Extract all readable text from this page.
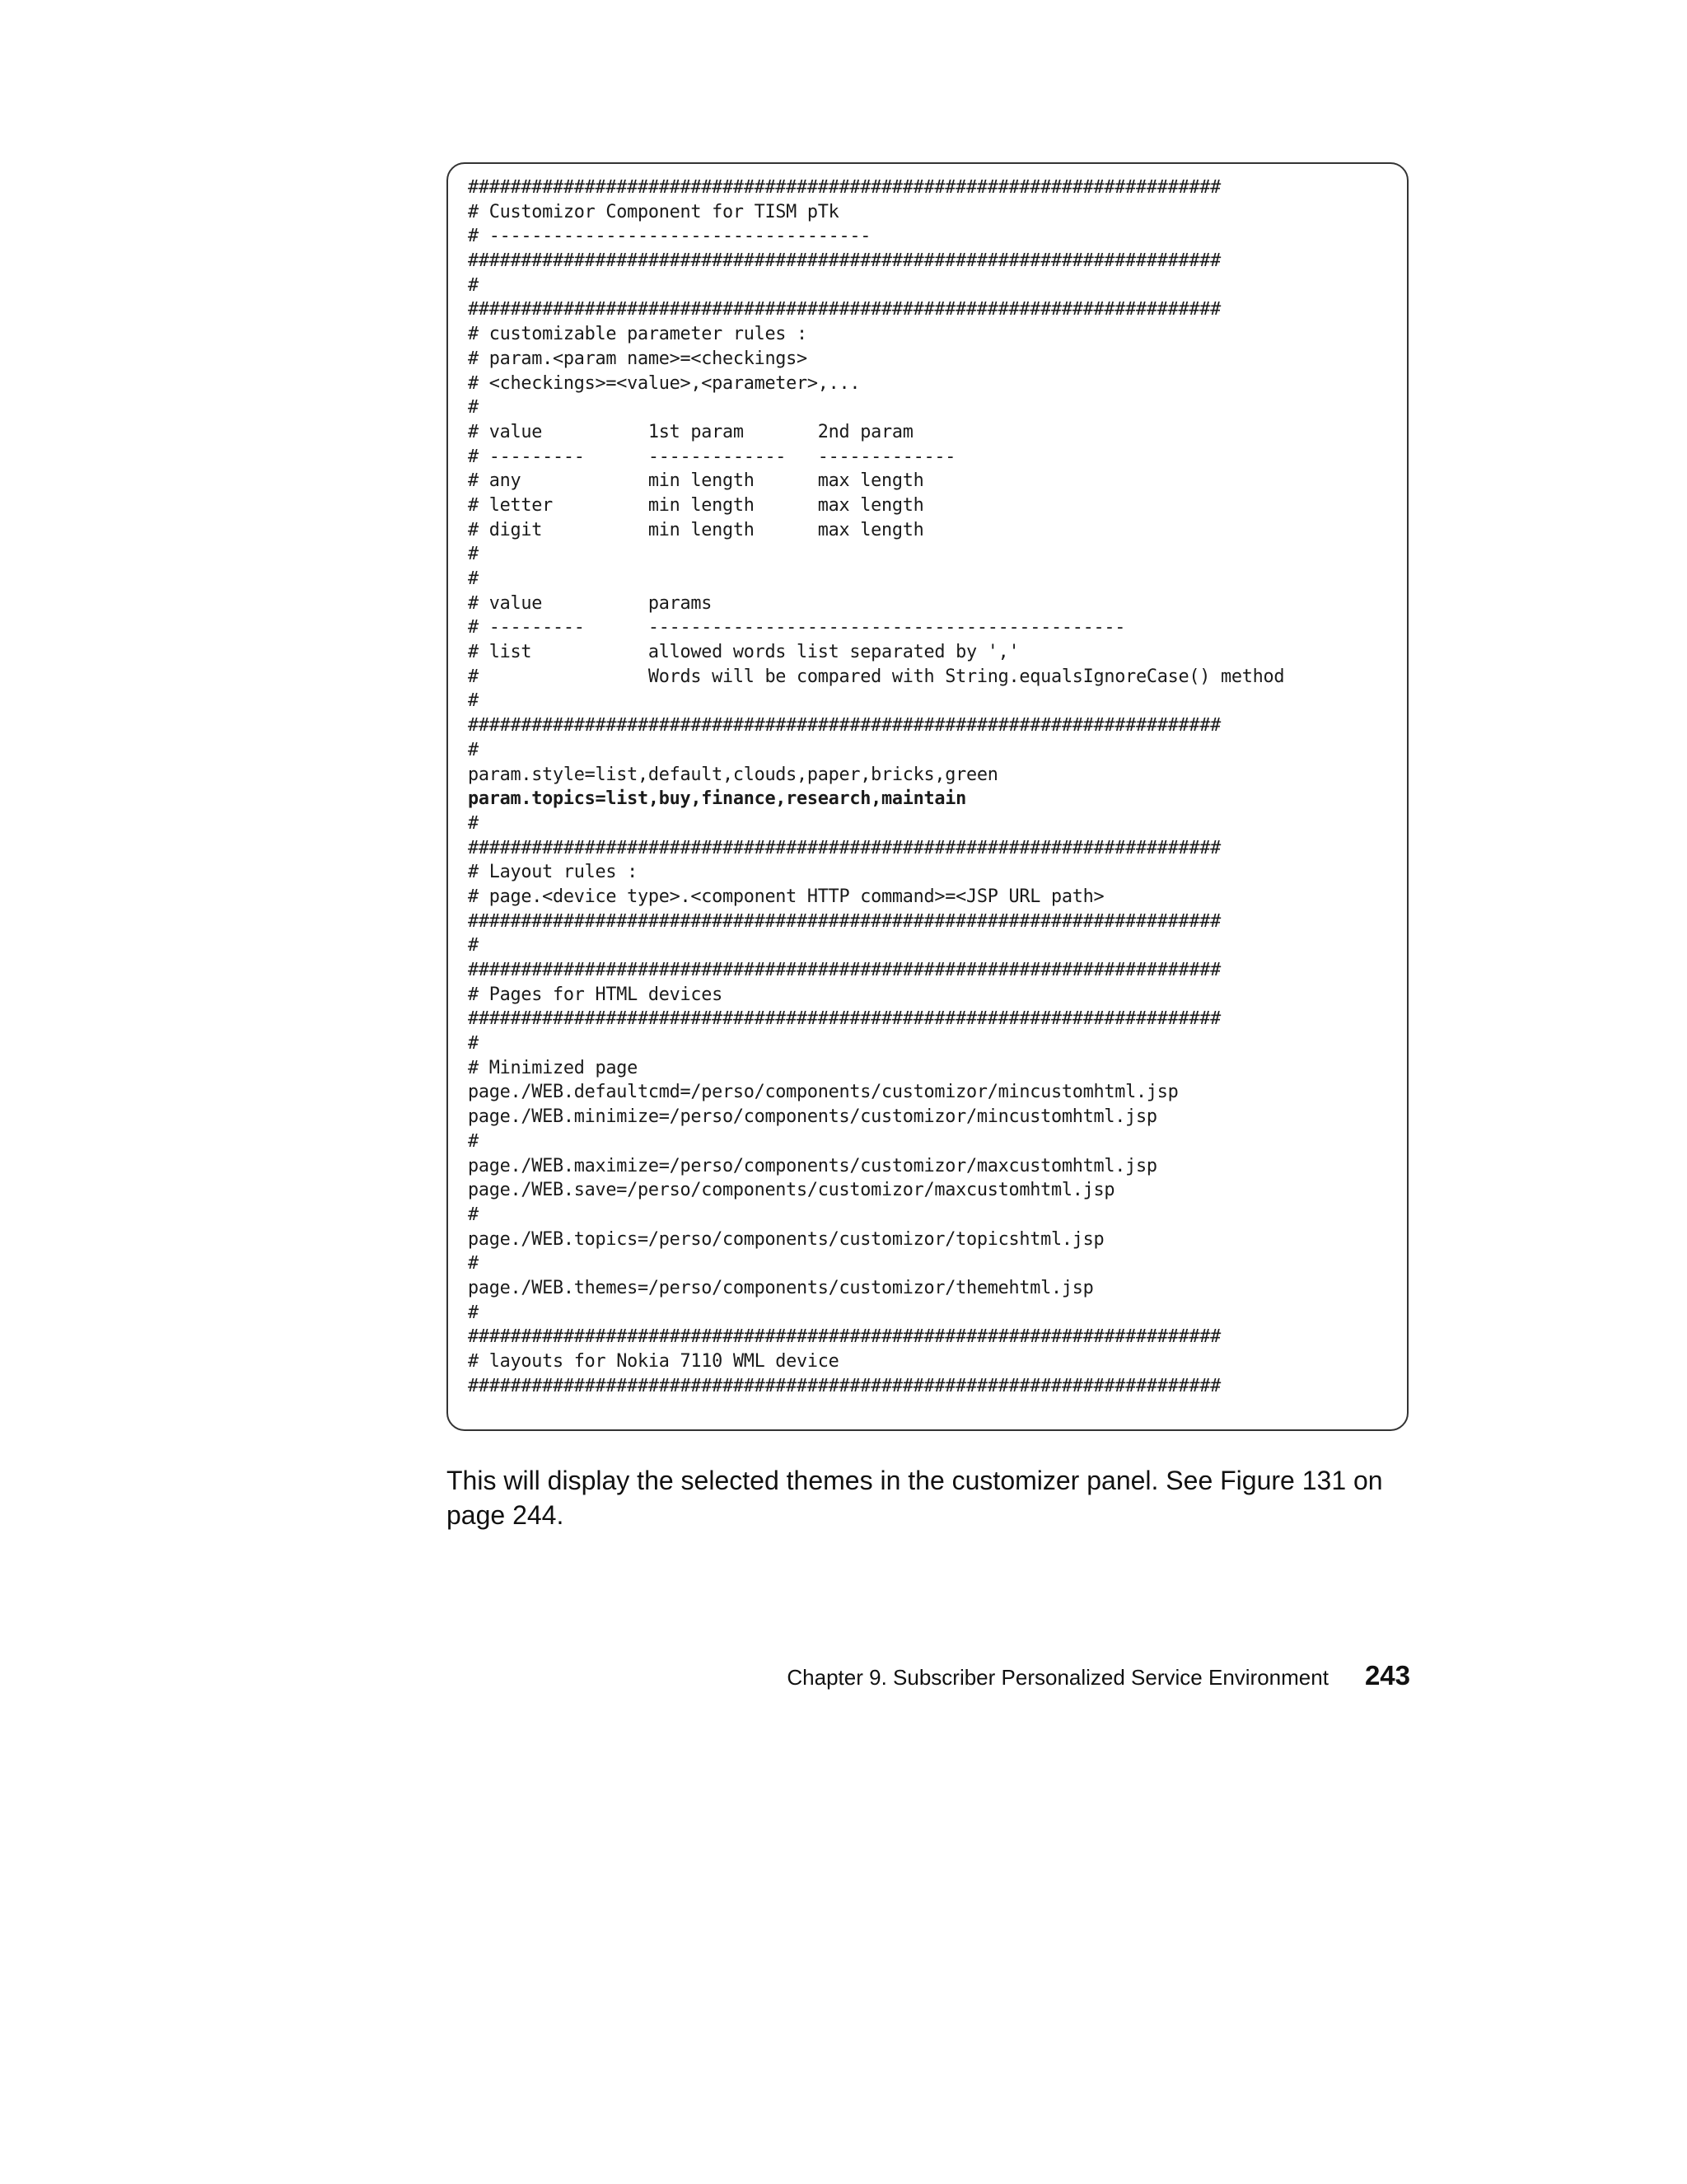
#######################################################################
# Customizor Component for TISM pTk
# ------------------------------------
#######################################################################
#
#######################################################################
# customizable parameter rules :
# param.<param name>=<checkings>
# <checkings>=<value>,<parameter>,...
#
# value          1st param       2nd param
# ---------      -------------   -------------
# any            min length      max length
# letter         min length      max length
# digit          min length      max length
#
#
# value          params
# ---------      ---------------------------------------------
# list           allowed words list separated by ','
#                Words will be compared with String.equalsIgnoreCase() method
#
#######################################################################
#
param.style=list,default,clouds,paper,bricks,green
param.topics=list,buy,finance,research,maintain
#
#######################################################################
# Layout rules :
# page.<device type>.<component HTTP command>=<JSP URL path>
#######################################################################
#
#######################################################################
# Pages for HTML devices
#######################################################################
#
# Minimized page
page./WEB.defaultcmd=/perso/components/customizor/mincustomhtml.jsp
page./WEB.minimize=/perso/components/customizor/mincustomhtml.jsp
#
page./WEB.maximize=/perso/components/customizor/maxcustomhtml.jsp
page./WEB.save=/perso/components/customizor/maxcustomhtml.jsp
#
page./WEB.topics=/perso/components/customizor/topicshtml.jsp
#
page./WEB.themes=/perso/components/customizor/themehtml.jsp
#
#######################################################################
# layouts for Nokia 7110 WML device
#######################################################################

This will display the selected themes in the customizer panel. See Figure 131 on page 244.

Chapter 9. Subscriber Personalized Service Environment 243
